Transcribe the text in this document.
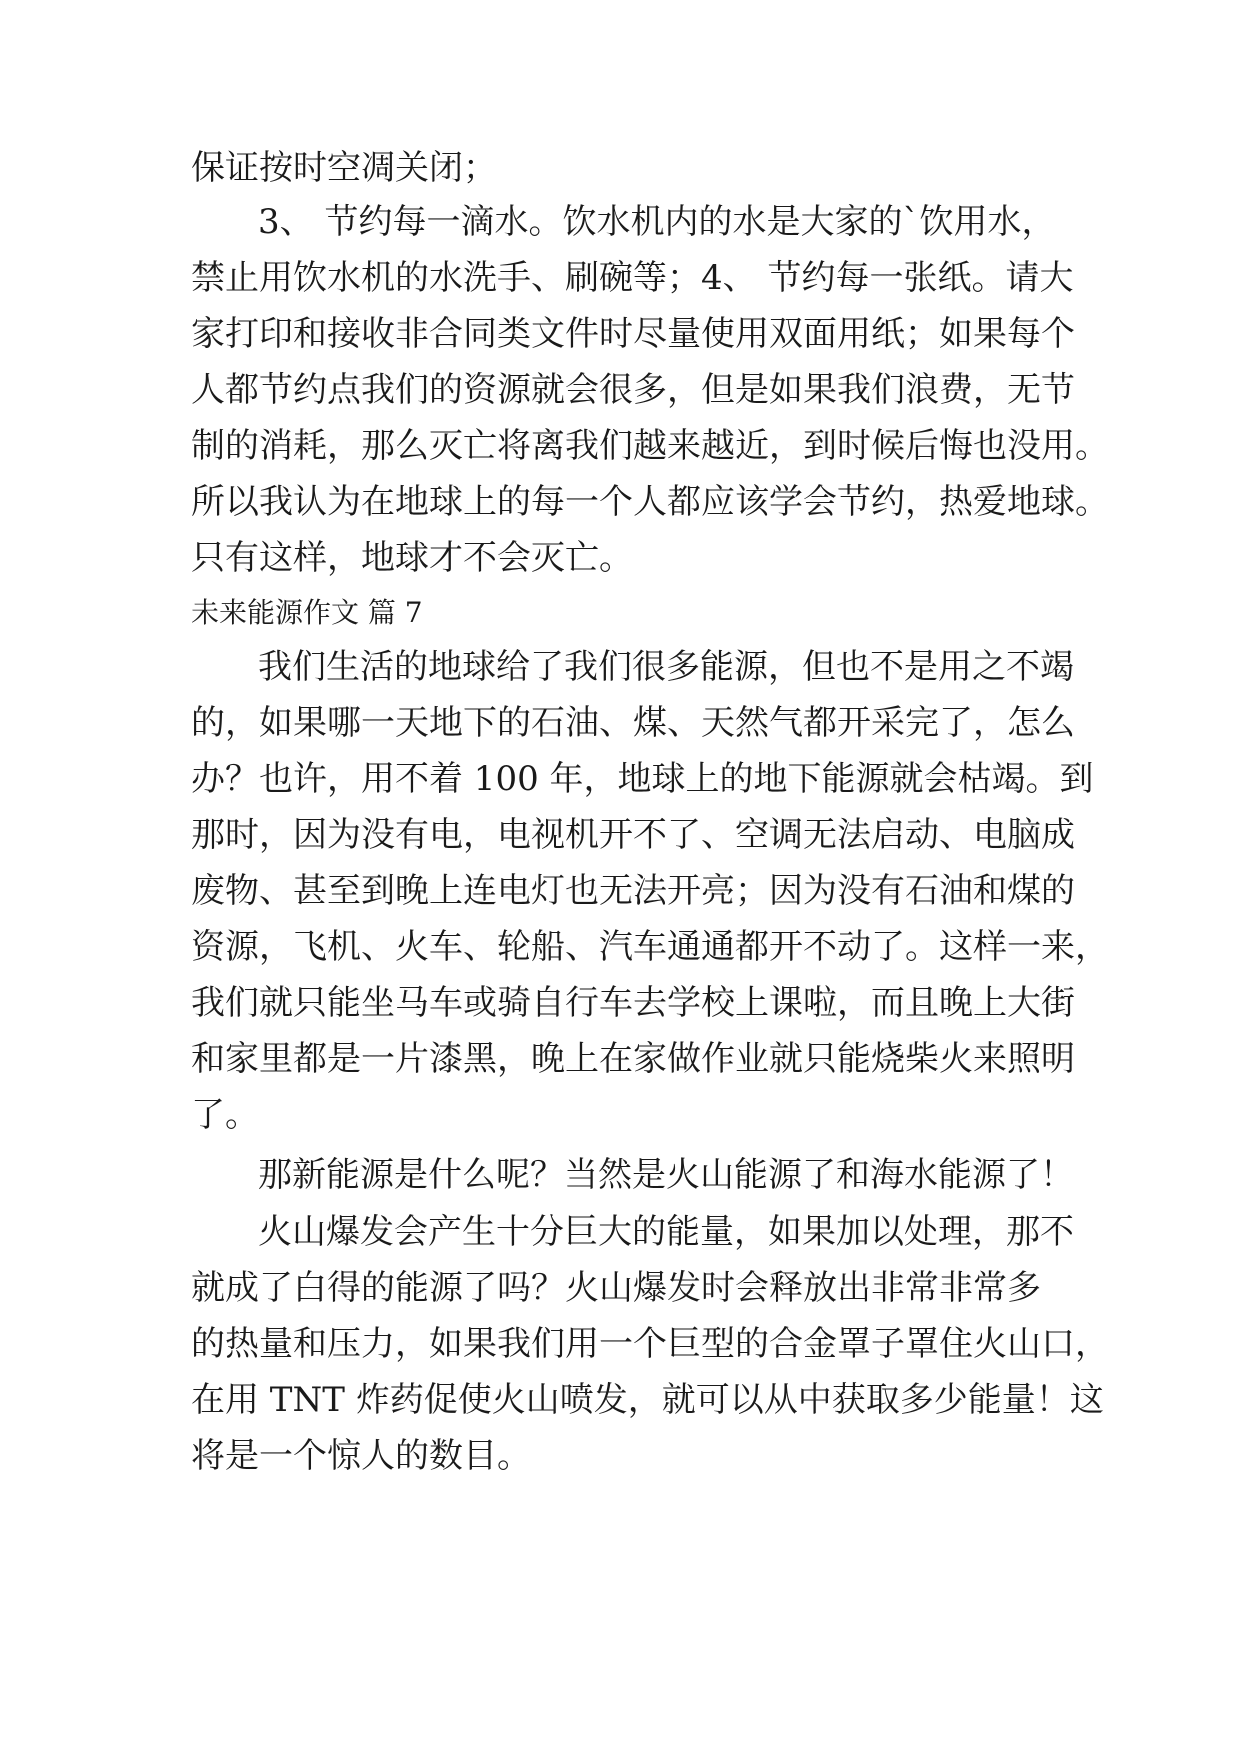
保证按时空凋关闭；
3、 节约每一滴水。饮水机内的水是大家的`饮用水，
禁止用饮水机的水洗手、刷碗等；4、 节约每一张纸。请大
家打印和接收非合同类文件时尽量使用双面用纸；如果每个
人都节约点我们的资源就会很多，但是如果我们浪费，无节
制的消耗，那么灭亡将离我们越来越近，到时候后悔也没用。
所以我认为在地球上的每一个人都应该学会节约，热爱地球。
只有这样，地球才不会灭亡。
未来能源作文 篇 7
我们生活的地球给了我们很多能源，但也不是用之不竭
的，如果哪一天地下的石油、煤、天然气都开采完了，怎么
办？也许，用不着 100 年，地球上的地下能源就会枯竭。到
那时，因为没有电，电视机开不了、空调无法启动、电脑成
废物、甚至到晚上连电灯也无法开亮；因为没有石油和煤的
资源，飞机、火车、轮船、汽车通通都开不动了。这样一来，
我们就只能坐马车或骑自行车去学校上课啦，而且晚上大街
和家里都是一片漆黑，晚上在家做作业就只能烧柴火来照明
了。
那新能源是什么呢？当然是火山能源了和海水能源了！
火山爆发会产生十分巨大的能量，如果加以处理，那不
就成了白得的能源了吗？火山爆发时会释放出非常非常多
的热量和压力，如果我们用一个巨型的合金罩子罩住火山口，
在用 TNT 炸药促使火山喷发，就可以从中获取多少能量！这
将是一个惊人的数目。
